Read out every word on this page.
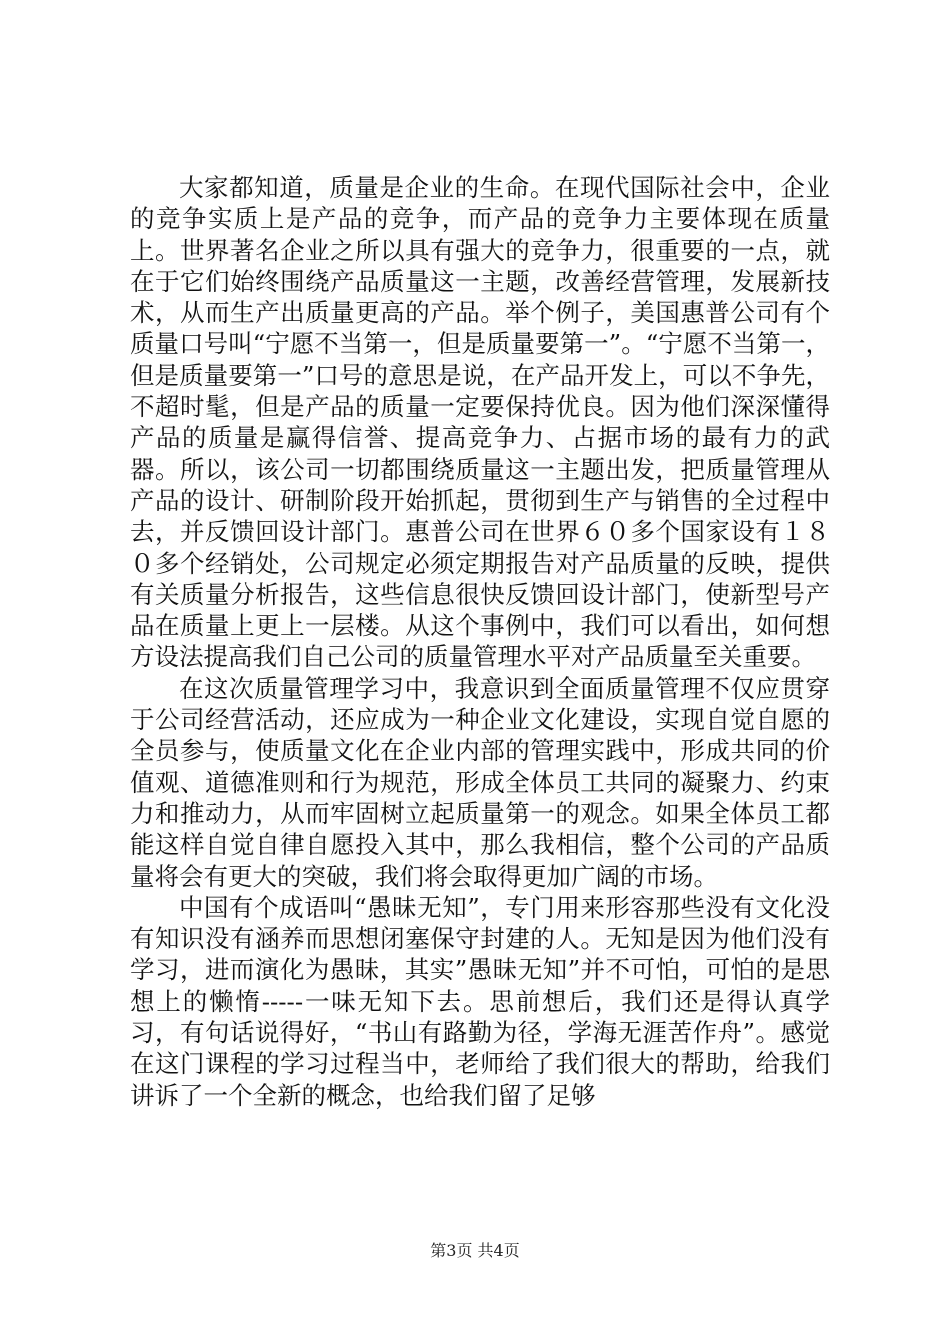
大家都知道，质量是企业的生命。在现代国际社会中，企业的竞争实质上是产品的竞争，而产品的竞争力主要体现在质量上。世界著名企业之所以具有强大的竞争力，很重要的一点，就在于它们始终围绕产品质量这一主题，改善经营管理，发展新技术，从而生产出质量更高的产品。举个例子，美国惠普公司有个质量口号叫“宁愿不当第一，但是质量要第一”。“宁愿不当第一，但是质量要第一”口号的意思是说，在产品开发上，可以不争先，不超时髦，但是产品的质量一定要保持优良。因为他们深深懂得产品的质量是赢得信誉、提高竞争力、占据市场的最有力的武器。所以，该公司一切都围绕质量这一主题出发，把质量管理从产品的设计、研制阶段开始抓起，贯彻到生产与销售的全过程中去，并反馈回设计部门。惠普公司在世界６０多个国家设有１８０多个经销处，公司规定必须定期报告对产品质量的反映，提供有关质量分析报告，这些信息很快反馈回设计部门，使新型号产品在质量上更上一层楼。从这个事例中，我们可以看出，如何想方设法提高我们自己公司的质量管理水平对产品质量至关重要。

在这次质量管理学习中，我意识到全面质量管理不仅应贯穿于公司经营活动，还应成为一种企业文化建设，实现自觉自愿的全员参与，使质量文化在企业内部的管理实践中，形成共同的价值观、道德准则和行为规范，形成全体员工共同的凝聚力、约束力和推动力，从而牢固树立起质量第一的观念。如果全体员工都能这样自觉自律自愿投入其中，那么我相信，整个公司的产品质量将会有更大的突破，我们将会取得更加广阔的市场。

中国有个成语叫“愚昧无知”，专门用来形容那些没有文化没有知识没有涵养而思想闭塞保守封建的人。无知是因为他们没有学习，进而演化为愚昧，其实”愚昧无知”并不可怕，可怕的是思想上的懒惰-----一味无知下去。思前想后，我们还是得认真学习，有句话说得好，“书山有路勤为径，学海无涯苦作舟”。感觉在这门课程的学习过程当中，老师给了我们很大的帮助，给我们讲诉了一个全新的概念，也给我们留了足够

第3页 共4页
